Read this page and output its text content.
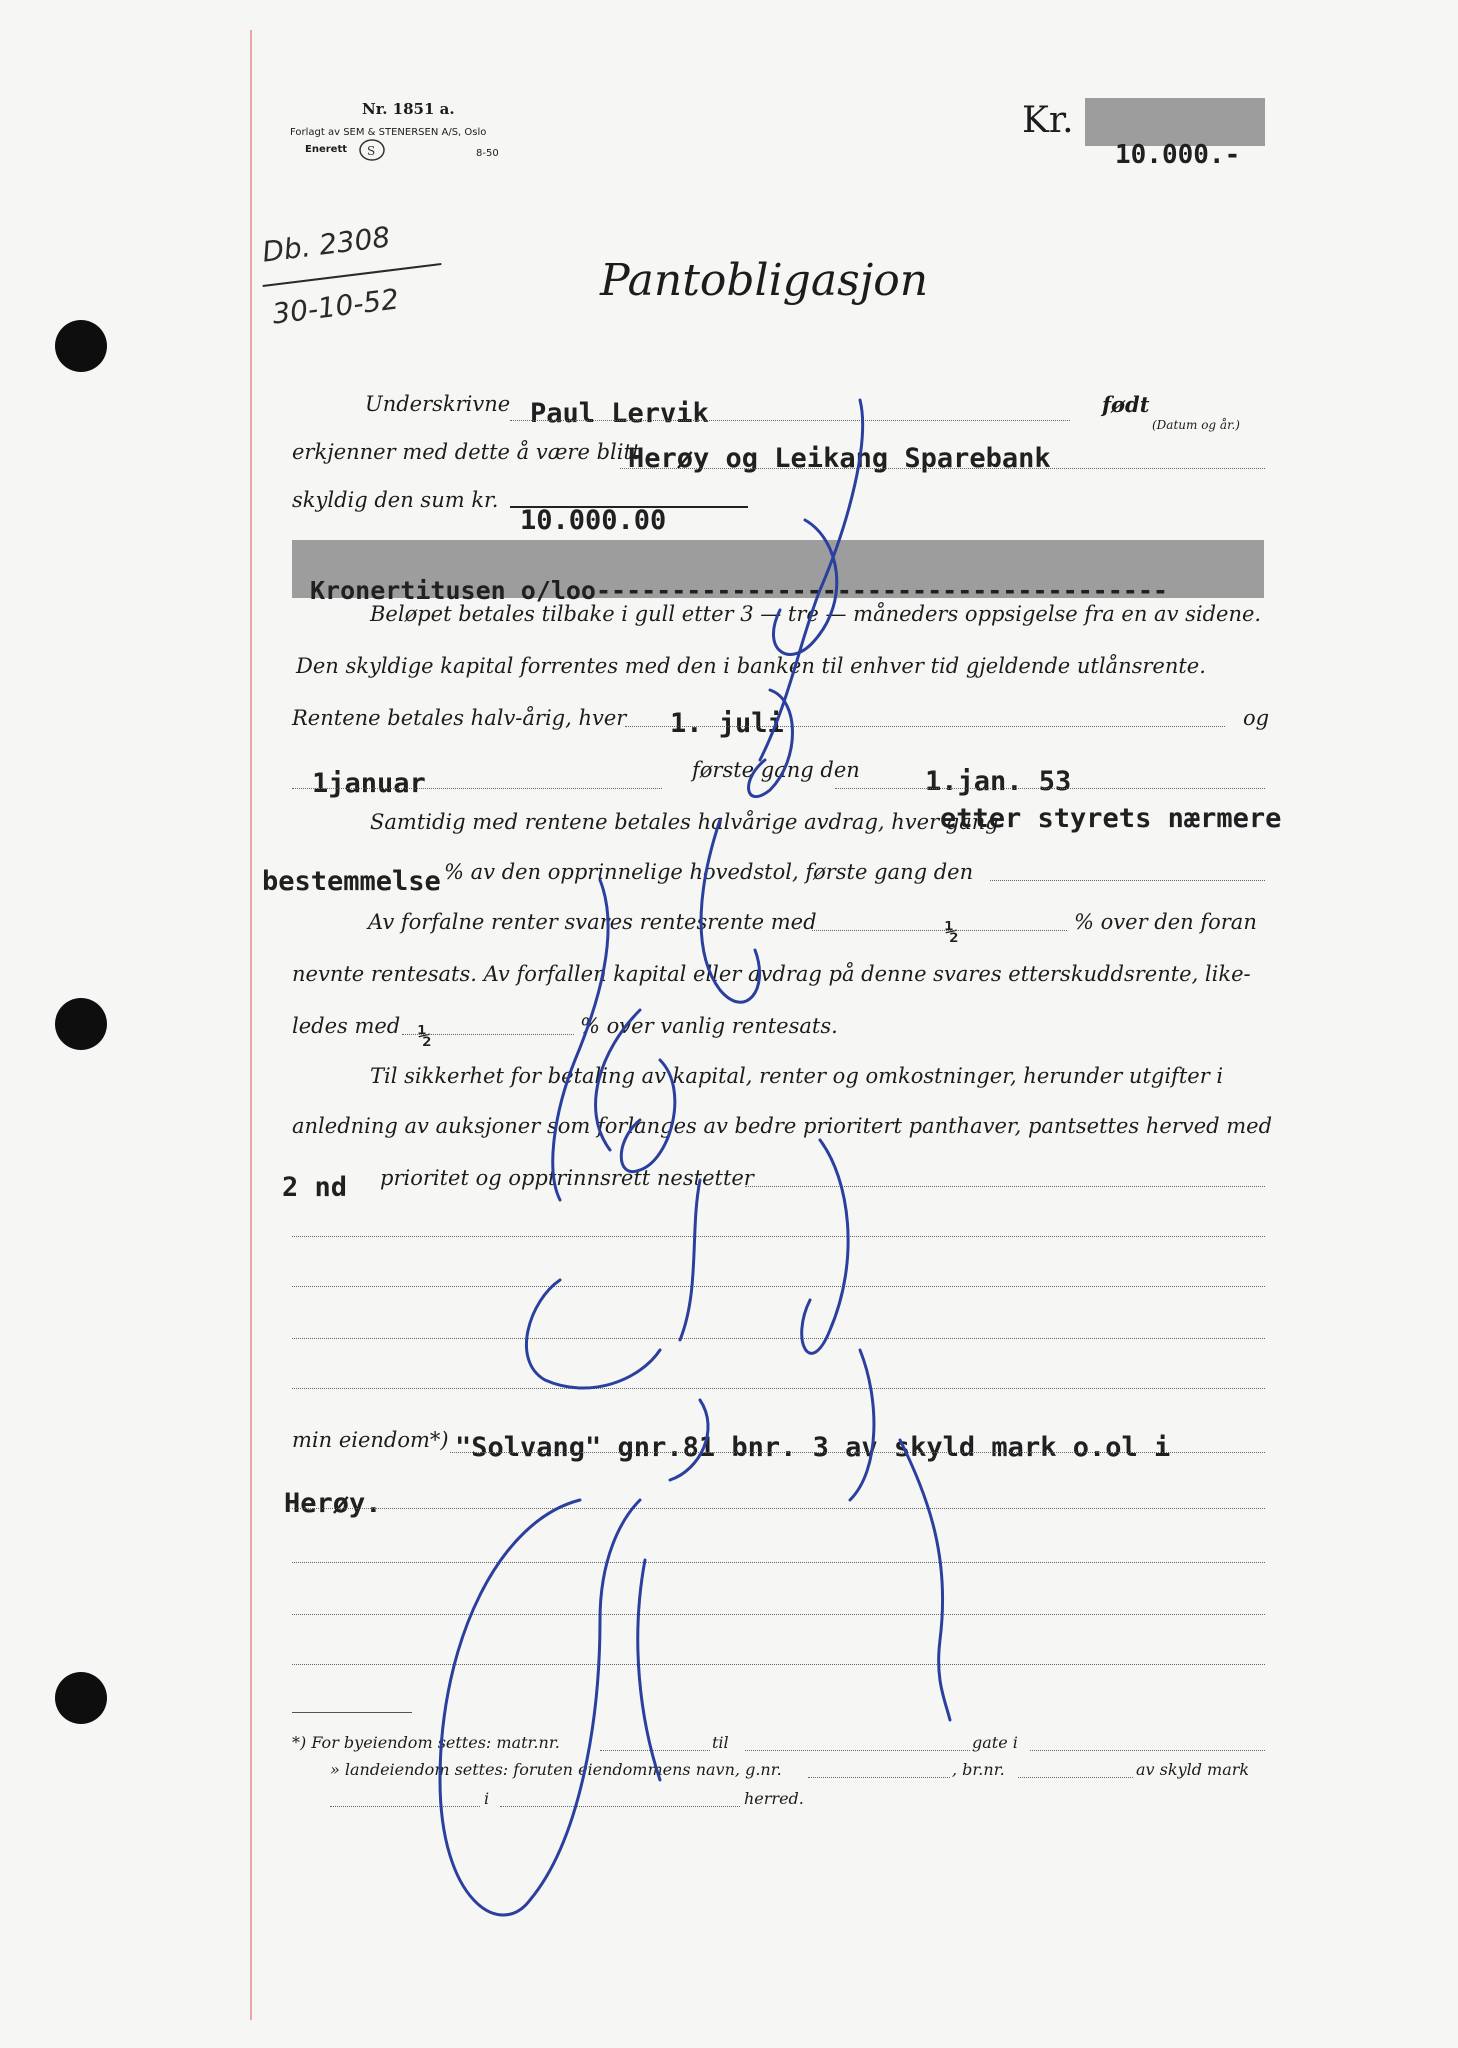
Nr. 1851 a.
Forlagt av SEM & STENERSEN A/S, Oslo
Enerett S	8-50
Kr.
10.000.-
Db. 2308
30-10-52
Pantobligasjon
Underskrivne Paul Lervik	født
(Datum og år.)
erkjenner med dette å være blitt
Herøy og Leikang Sparebank
skyldig den sum kr.
10.000.00
Kronertitusen o/loo--------------------------------------
Beløpet betales tilbake i gull etter 3 — tre — måneders oppsigelse fra en av sidene.
Den skyldige kapital forrentes med den i banken til enhver tid gjeldende utlånsrente.
Rentene betales halv-årig, hver 1. juli	og
1januar	første gang den 1.jan. 53
Samtidig med rentene betales halvårige avdrag, hver gang
etter styrets nærmere
bestemmelse % av den opprinnelige hovedstol, første gang den
Av forfalne renter svares rentesrente med	½	% over den foran
nevnte rentesats. Av forfallen kapital eller avdrag på denne svares etterskuddsrente, like-
ledes med ½	% over vanlig rentesats.
Til sikkerhet for betaling av kapital, renter og omkostninger, herunder utgifter i
anledning av auksjoner som forlanges av bedre prioritert panthaver, pantsettes herved med
2 nd prioritet og opptrinnsrett nestetter
min eiendom*) "Solvang" gnr.81 bnr. 3 av skyld mark o.ol i
Herøy.
*) For byeiendom settes: matr.nr.	til	gate i
» landeiendom settes: foruten eiendommens navn, g.nr.	, br.nr.	av skyld mark
i	herred.
